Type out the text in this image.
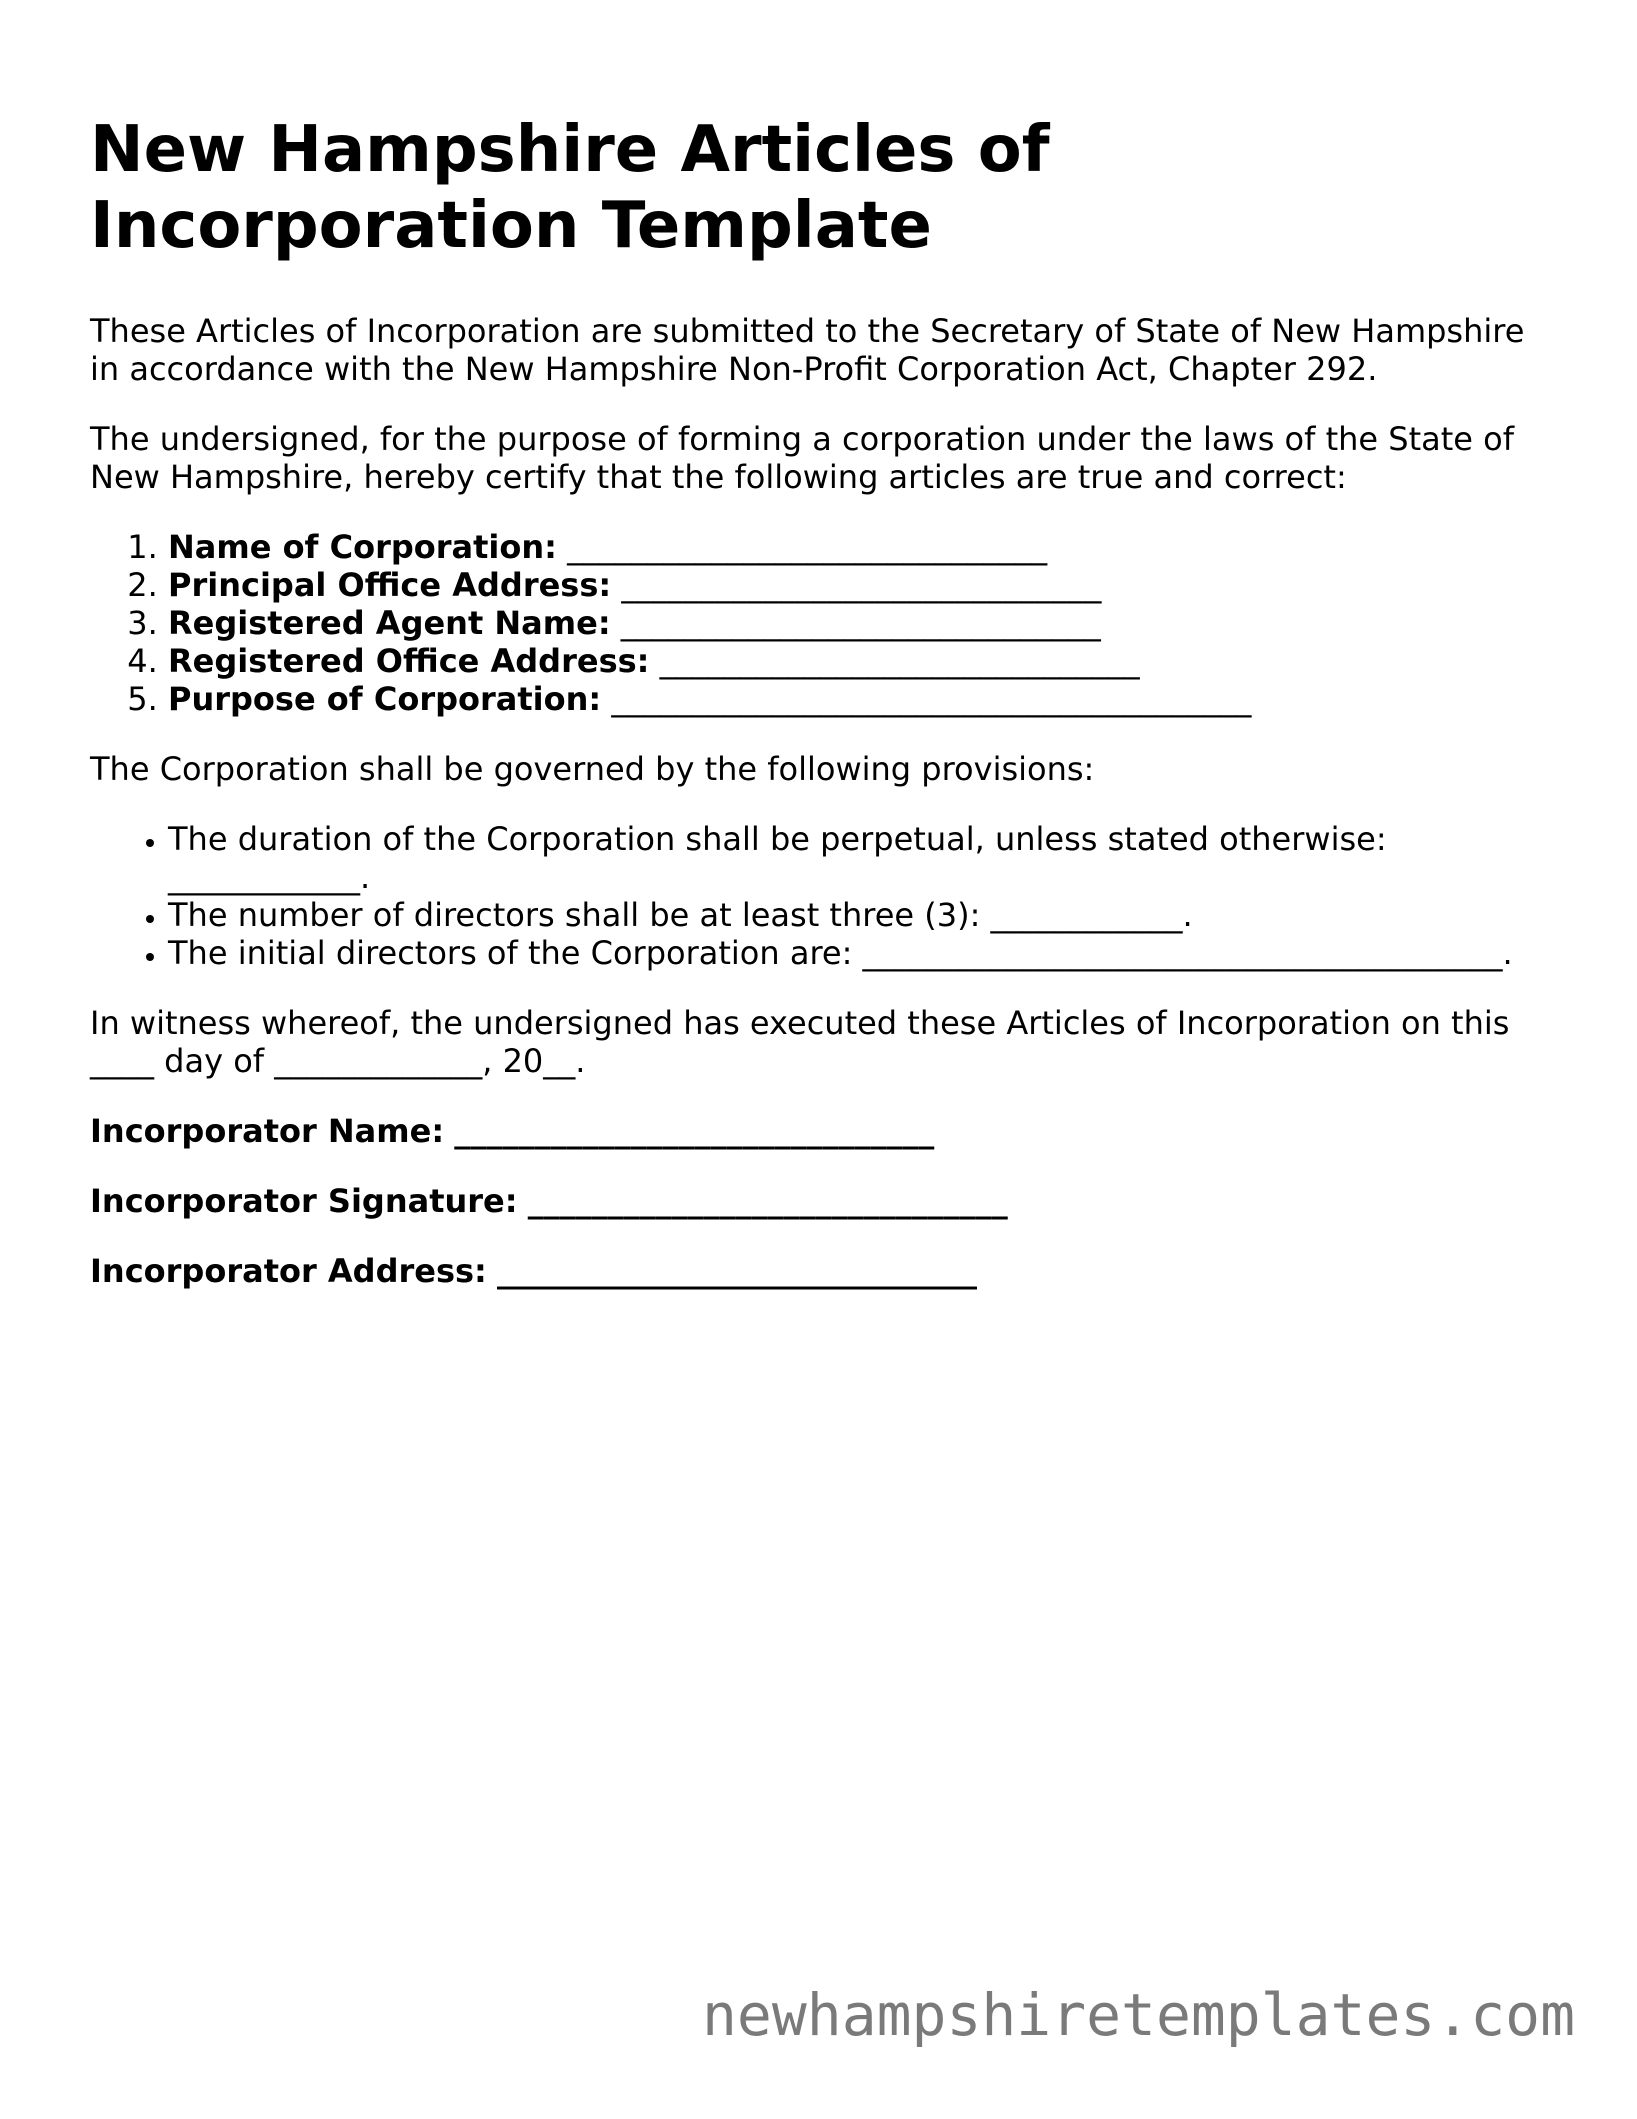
New Hampshire Articles of Incorporation Template

These Articles of Incorporation are submitted to the Secretary of State of New Hampshire in accordance with the New Hampshire Non-Profit Corporation Act, Chapter 292.

The undersigned, for the purpose of forming a corporation under the laws of the State of New Hampshire, hereby certify that the following articles are true and correct:

1. Name of Corporation: ______________________________
2. Principal Office Address: ______________________________
3. Registered Agent Name: ______________________________
4. Registered Office Address: ______________________________
5. Purpose of Corporation: ________________________________________

The Corporation shall be governed by the following provisions:

• The duration of the Corporation shall be perpetual, unless stated otherwise: ____________.
• The number of directors shall be at least three (3): ____________.
• The initial directors of the Corporation are: ________________________________________.

In witness whereof, the undersigned has executed these Articles of Incorporation on this ____ day of _____________, 20__.

Incorporator Name: ______________________________

Incorporator Signature: ______________________________

Incorporator Address: ______________________________

newhampshiretemplates.com
